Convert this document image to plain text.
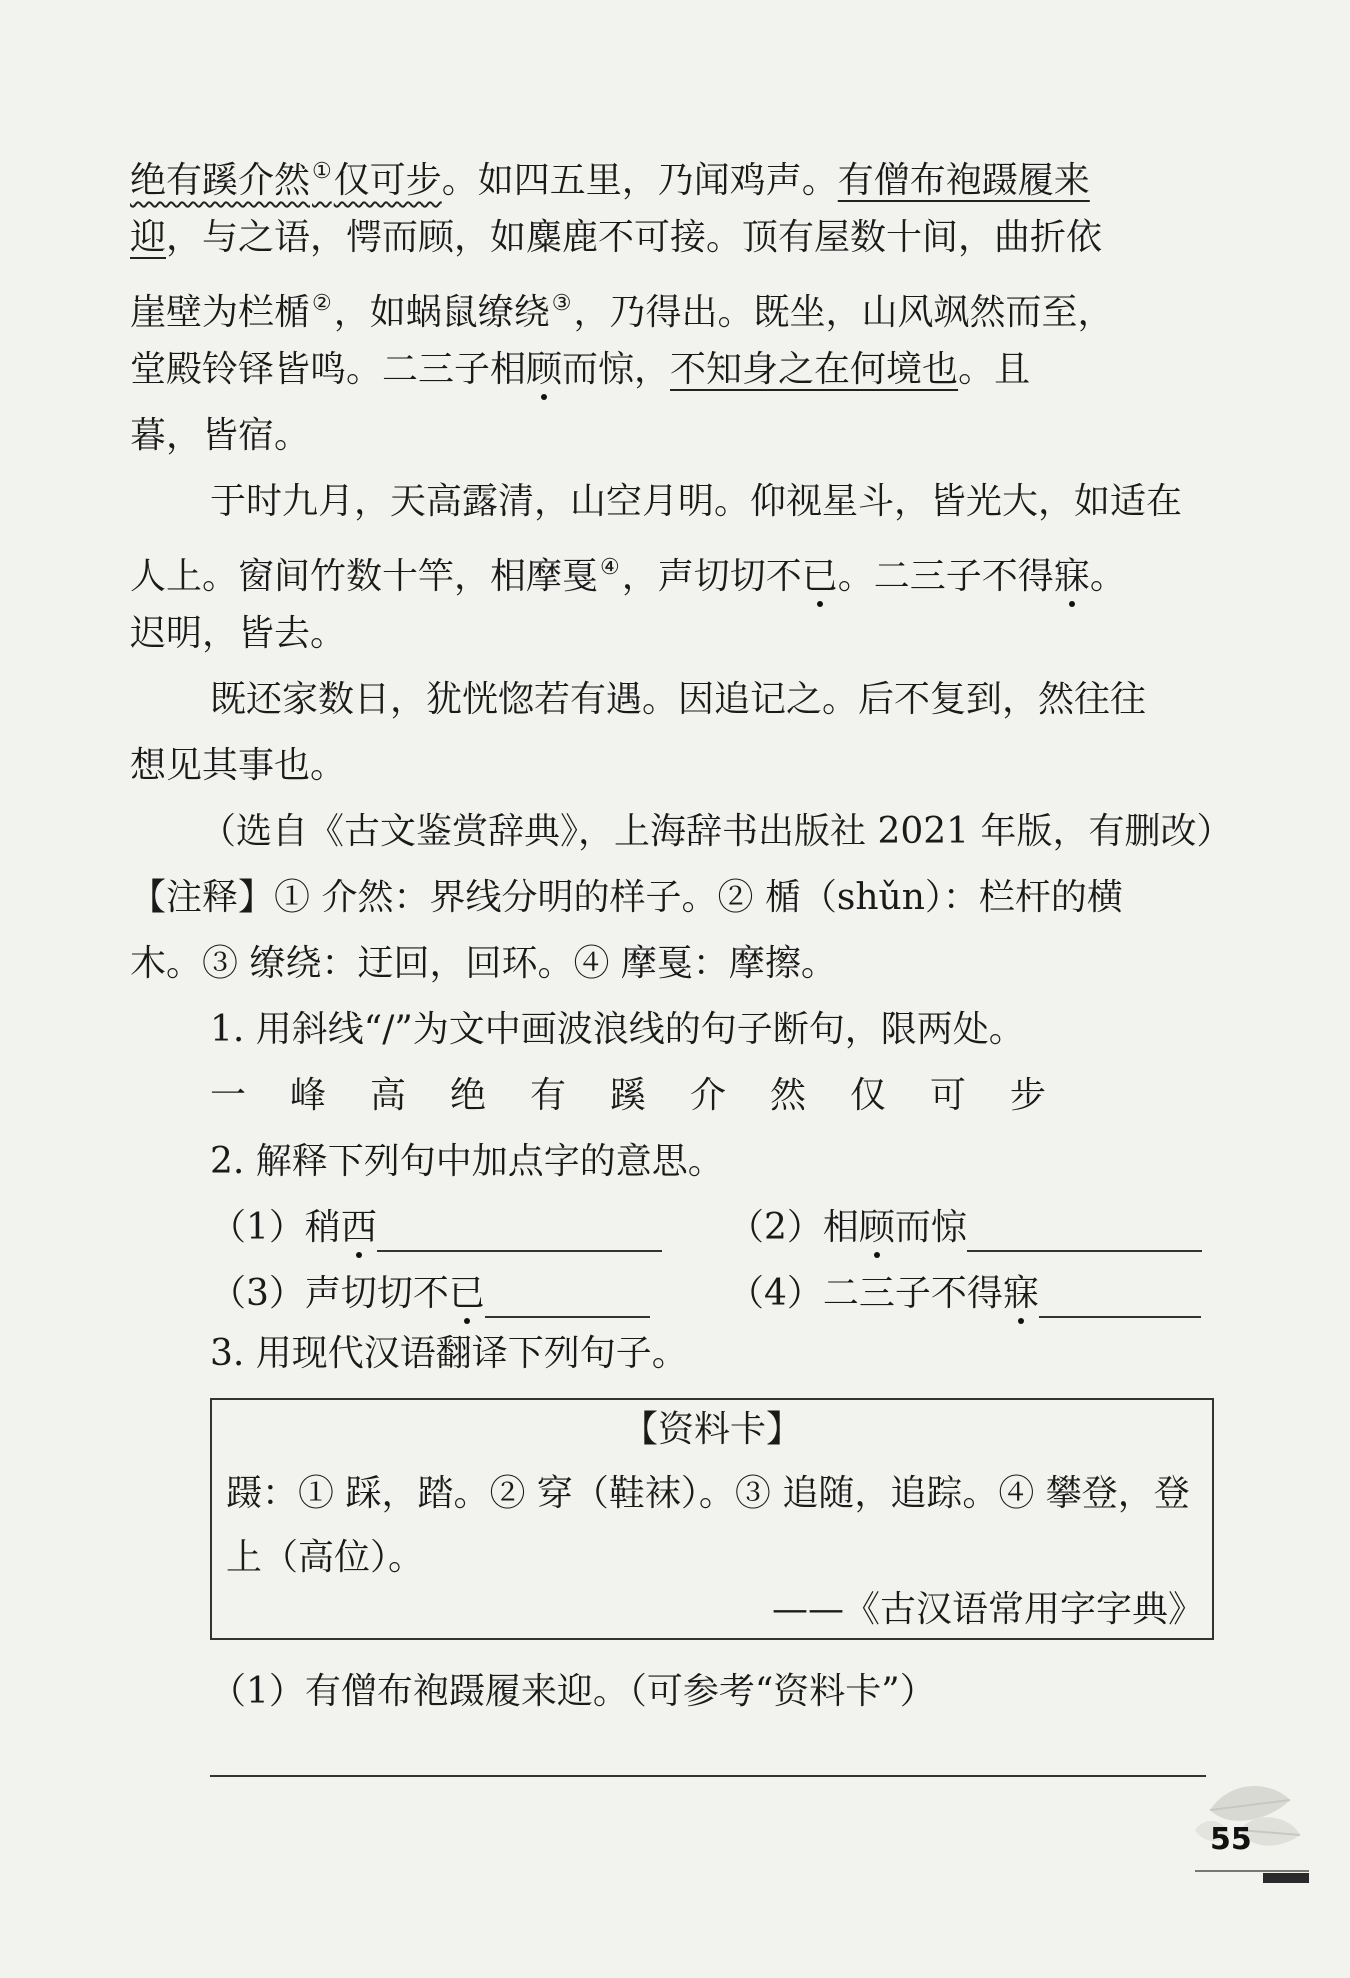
绝有蹊介然①仅可步。如四五里，乃闻鸡声。有僧布袍蹑履来
迎，与之语，愕而顾，如麋鹿不可接。顶有屋数十间，曲折依
崖壁为栏楯②，如蜗鼠缭绕③，乃得出。既坐，山风飒然而至，
堂殿铃铎皆鸣。二三子相顾而惊，不知身之在何境也。且
暮，皆宿。
于时九月，天高露清，山空月明。仰视星斗，皆光大，如适在
人上。窗间竹数十竿，相摩戛④，声切切不已。二三子不得寐。
迟明，皆去。
既还家数日，犹恍惚若有遇。因追记之。后不复到，然往往
想见其事也。
（选自《古文鉴赏辞典》，上海辞书出版社 2021 年版，有删改）
【注释】① 介然：界线分明的样子。② 楯（shǔn）：栏杆的横
木。③ 缭绕：迂回，回环。④ 摩戛：摩擦。
1. 用斜线“/”为文中画波浪线的句子断句，限两处。
一 峰 高 绝 有 蹊 介 然 仅 可 步
2. 解释下列句中加点字的意思。
（1）稍西	（2）相顾而惊
（3）声切切不已	（4）二三子不得寐
3. 用现代汉语翻译下列句子。
【资料卡】
蹑：① 踩，踏。② 穿（鞋袜）。③ 追随，追踪。④ 攀登，登
上（高位）。
——《古汉语常用字字典》
（1）有僧布袍蹑履来迎。（可参考“资料卡”）
55
